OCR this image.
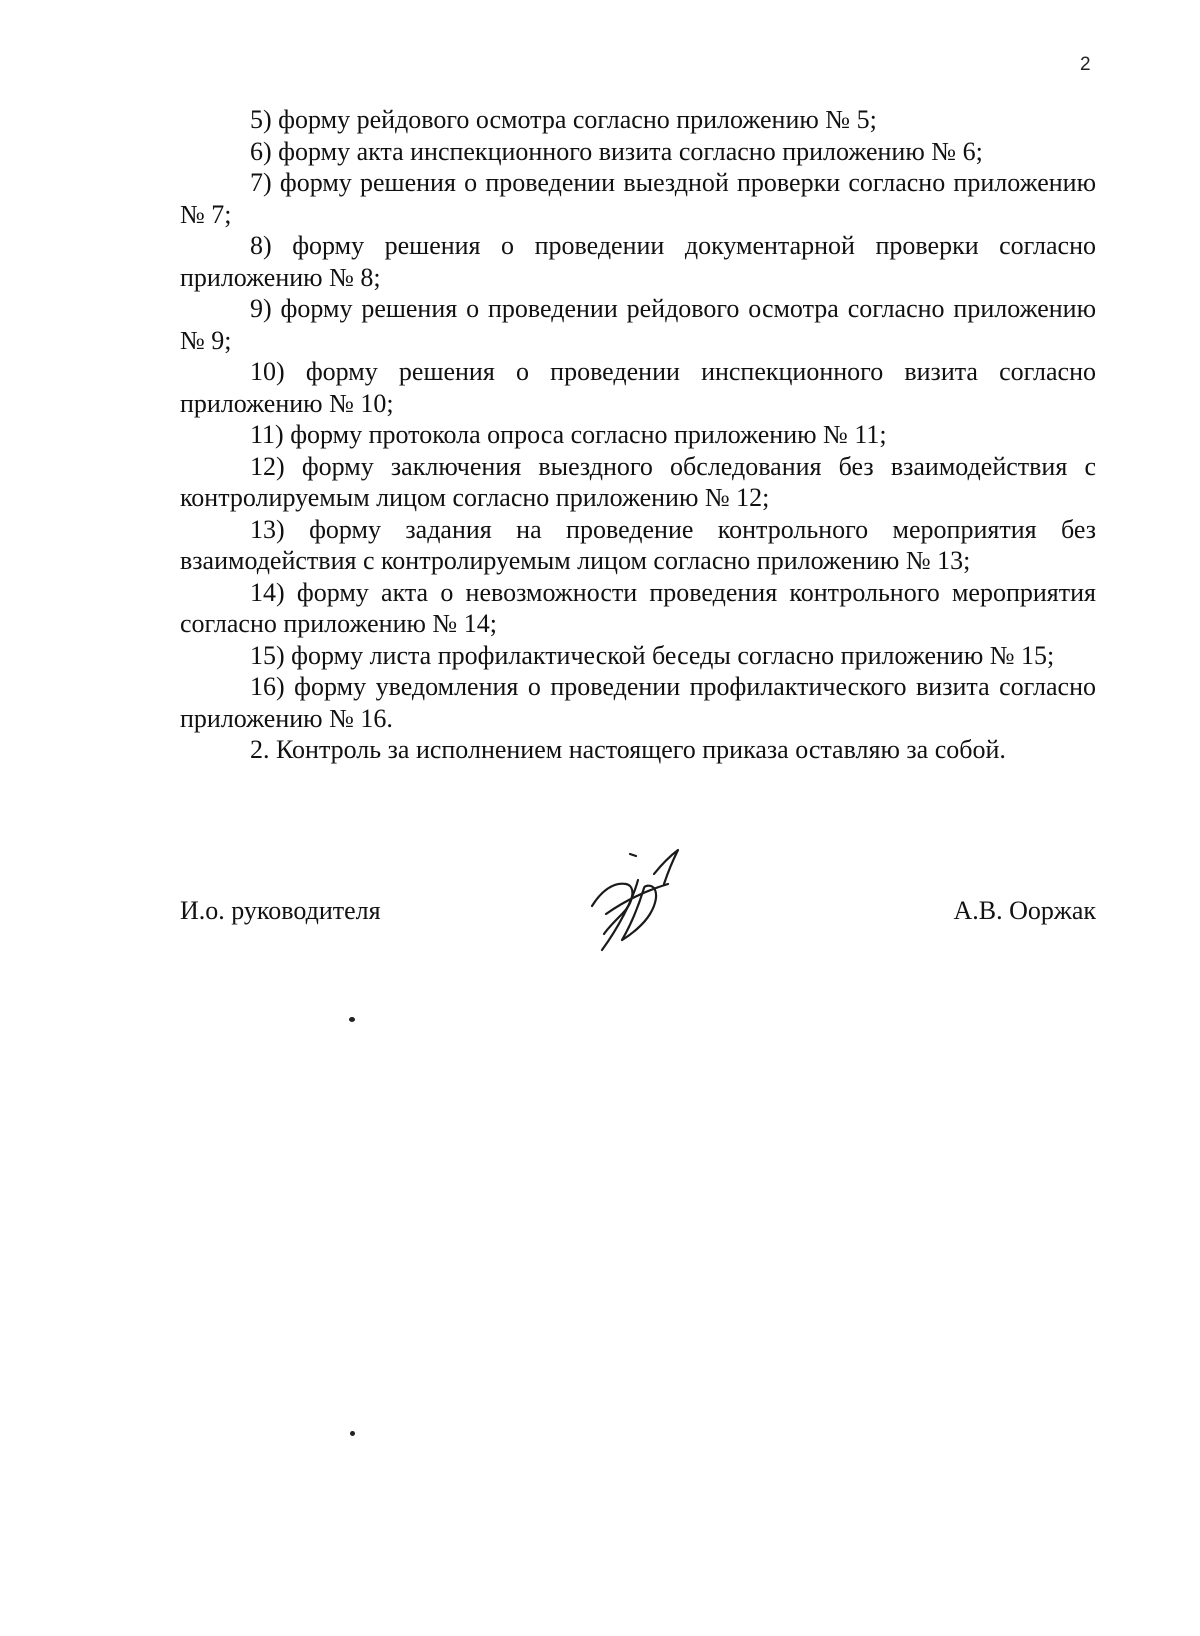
2

5) форму рейдового осмотра согласно приложению № 5;

6) форму акта инспекционного визита согласно приложению № 6;

7) форму решения о проведении выездной проверки согласно приложению № 7;

8) форму решения о проведении документарной проверки согласно приложению № 8;

9) форму решения о проведении рейдового осмотра согласно приложению № 9;

10) форму решения о проведении инспекционного визита согласно приложению № 10;

11) форму протокола опроса согласно приложению № 11;

12) форму заключения выездного обследования без взаимодействия с контролируемым лицом согласно приложению № 12;

13) форму задания на проведение контрольного мероприятия без взаимодействия с контролируемым лицом согласно приложению № 13;

14) форму акта о невозможности проведения контрольного мероприятия согласно приложению № 14;

15) форму листа профилактической беседы согласно приложению № 15;

16) форму уведомления о проведении профилактического визита согласно приложению № 16.

2. Контроль за исполнением настоящего приказа оставляю за собой.

И.о. руководителя	А.В. Ооржак
